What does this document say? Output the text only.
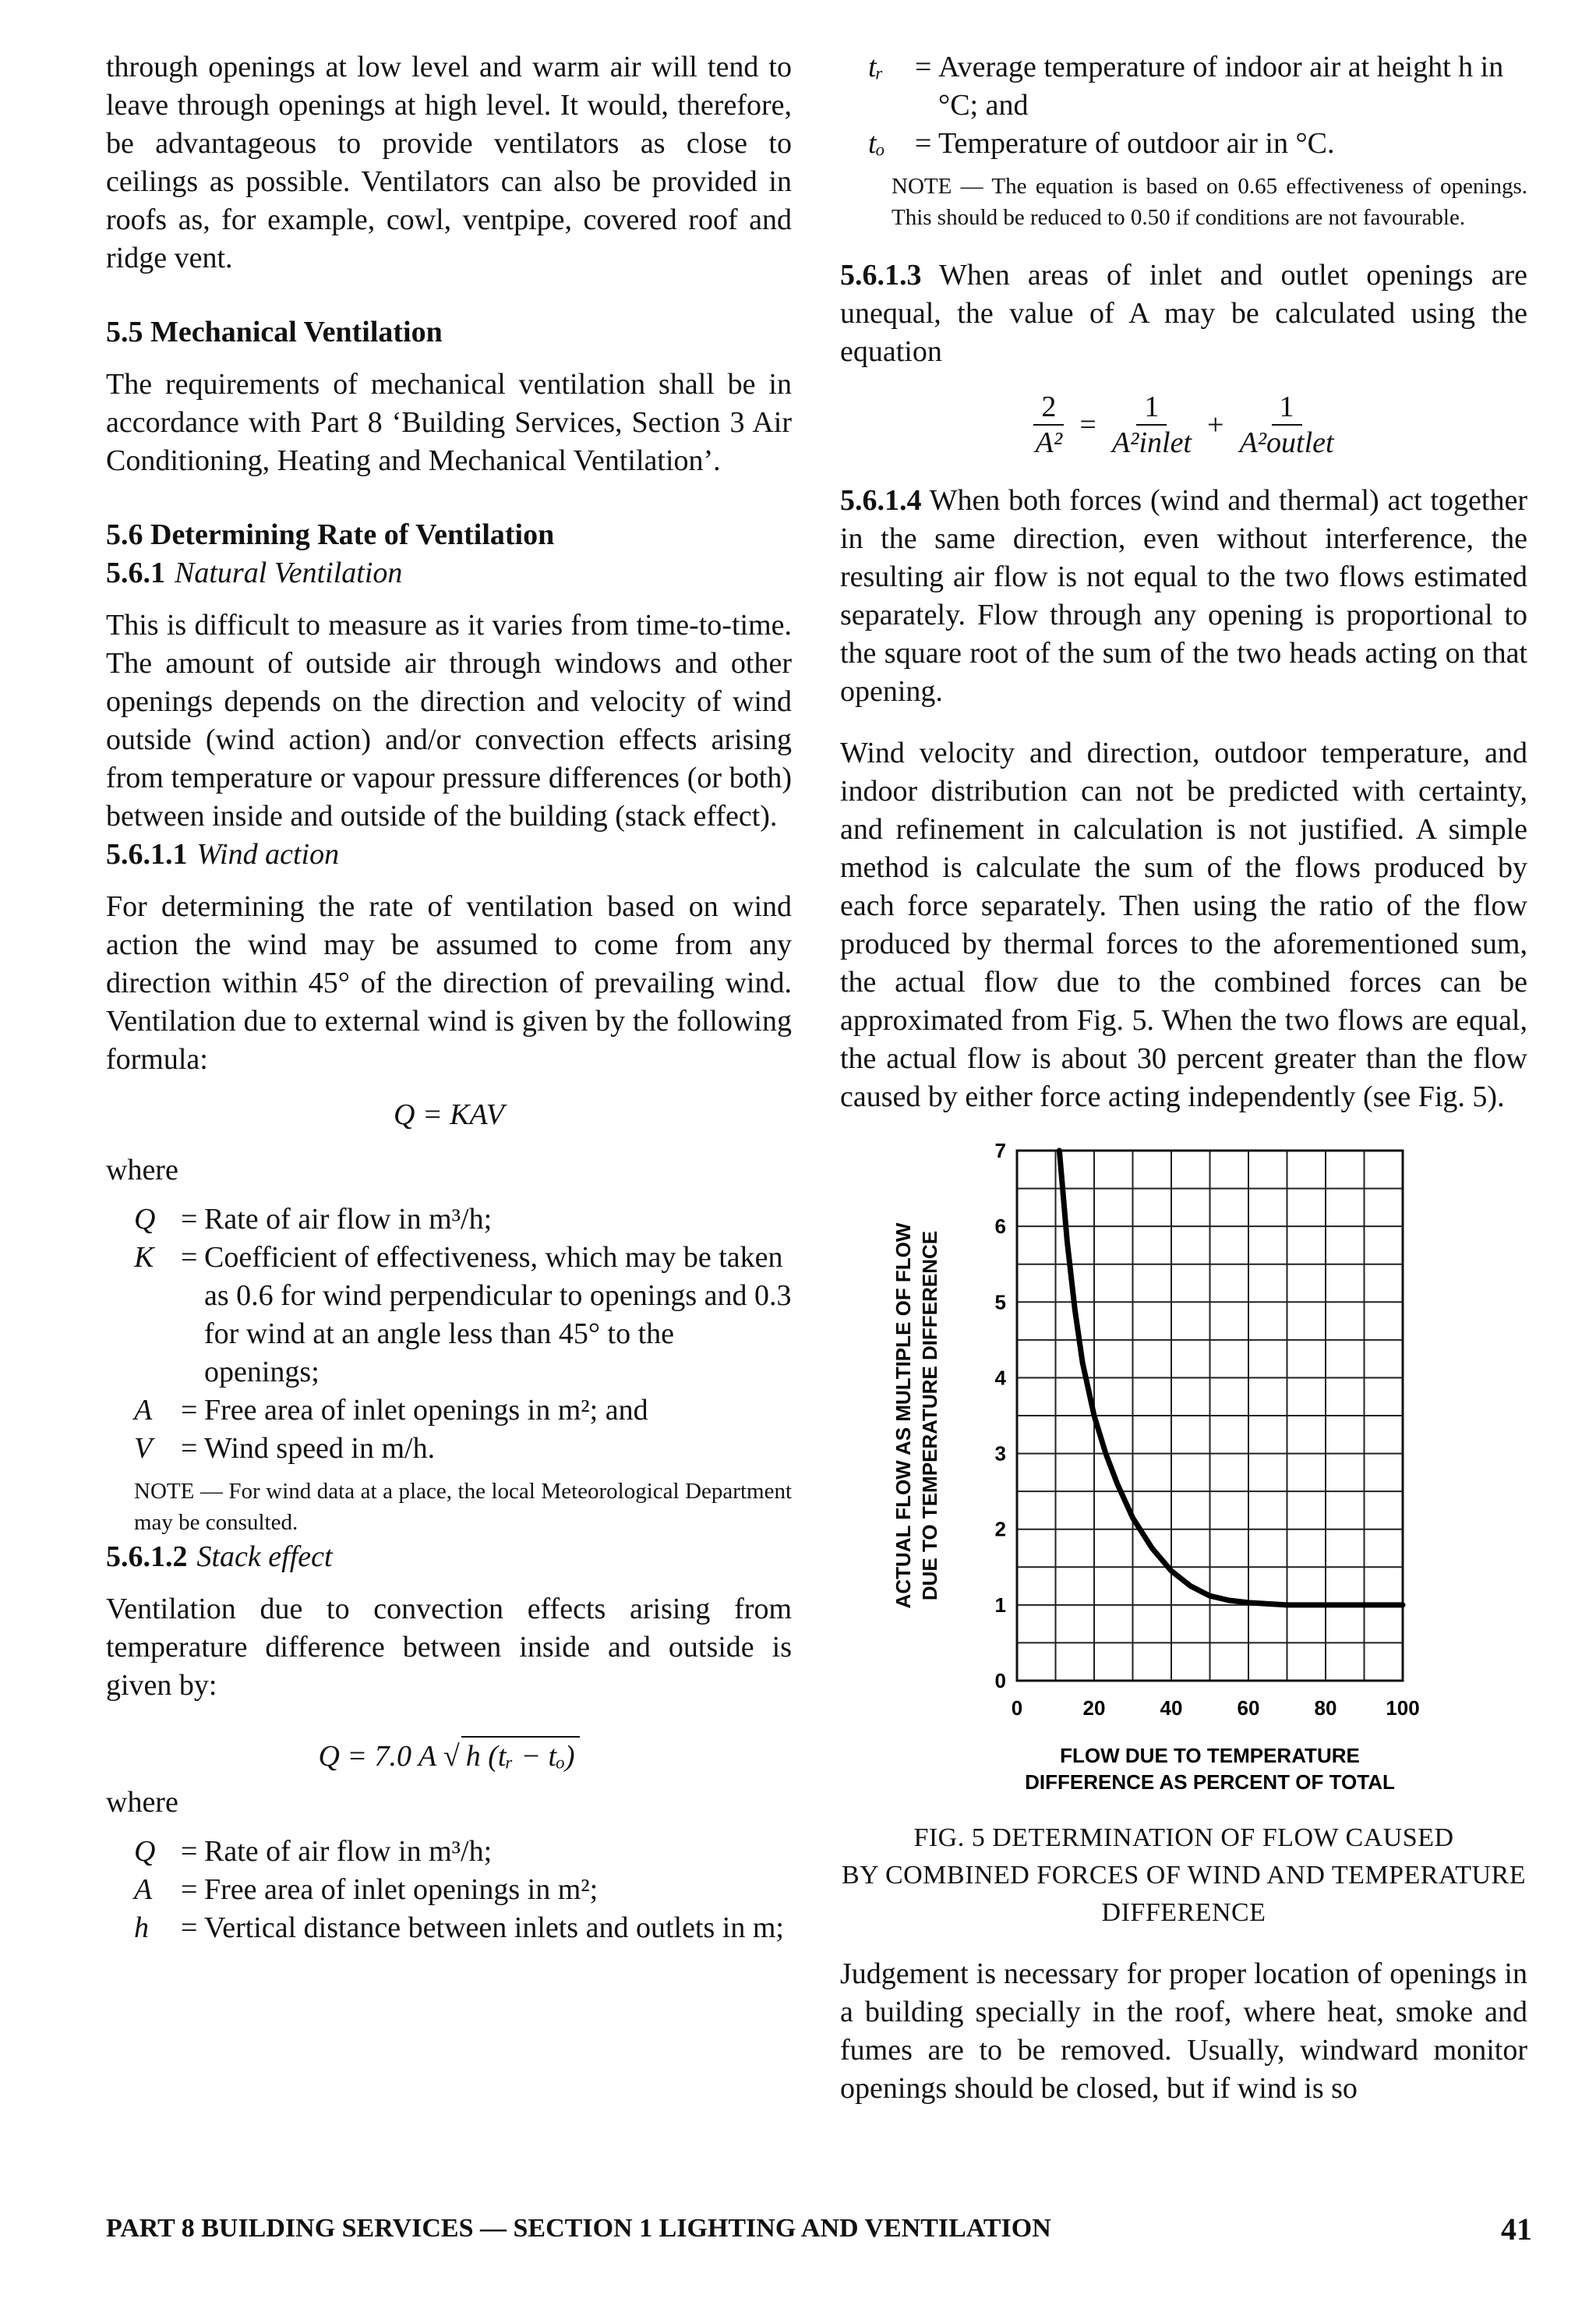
through openings at low level and warm air will tend to leave through openings at high level. It would, therefore, be advantageous to provide ventilators as close to ceilings as possible. Ventilators can also be provided in roofs as, for example, cowl, ventpipe, covered roof and ridge vent.

5.5 Mechanical Ventilation

The requirements of mechanical ventilation shall be in accordance with Part 8 ‘Building Services, Section 3 Air Conditioning, Heating and Mechanical Ventilation’.

5.6 Determining Rate of Ventilation
5.6.1 Natural Ventilation

This is difficult to measure as it varies from time-to-time. The amount of outside air through windows and other openings depends on the direction and velocity of wind outside (wind action) and/or convection effects arising from temperature or vapour pressure differences (or both) between inside and outside of the building (stack effect).

5.6.1.1 Wind action

For determining the rate of ventilation based on wind action the wind may be assumed to come from any direction within 45° of the direction of prevailing wind. Ventilation due to external wind is given by the following formula:

Q = KAV
where
Q	=	Rate of air flow in m³/h;
K	=	Coefficient of effectiveness, which may be taken as 0.6 for wind perpendicular to openings and 0.3 for wind at an angle less than 45° to the openings;
A	=	Free area of inlet openings in m²; and
V	=	Wind speed in m/h.

NOTE — For wind data at a place, the local Meteorological Department may be consulted.

5.6.1.2 Stack effect

Ventilation due to convection effects arising from temperature difference between inside and outside is given by:

Q = 7.0 A √ h (tᵣ − tₒ)
where
Q	=	Rate of air flow in m³/h;
A	=	Free area of inlet openings in m²;
h	=	Vertical distance between inlets and outlets in m;
tᵣ	=	Average temperature of indoor air at height h in °C; and
tₒ	=	Temperature of outdoor air in °C.

NOTE — The equation is based on 0.65 effectiveness of openings. This should be reduced to 0.50 if conditions are not favourable.

5.6.1.3 When areas of inlet and outlet openings are unequal, the value of A may be calculated using the equation

$\frac{2}{\text{A²}} = \frac{1}{\text{A²inlet}} + \frac{1}{\text{A²outlet}}$

5.6.1.4 When both forces (wind and thermal) act together in the same direction, even without interference, the resulting air flow is not equal to the two flows estimated separately. Flow through any opening is proportional to the square root of the sum of the two heads acting on that opening.

Wind velocity and direction, outdoor temperature, and indoor distribution can not be predicted with certainty, and refinement in calculation is not justified. A simple method is calculate the sum of the flows produced by each force separately. Then using the ratio of the flow produced by thermal forces to the aforementioned sum, the actual flow due to the combined forces can be approximated from Fig. 5. When the two flows are equal, the actual flow is about 30 percent greater than the flow caused by either force acting independently (see Fig. 5).

0	20	40	60	80 100
0
1
2
3
4
5
6
7
FLOW DUE TO TEMPERATURE
DIFFERENCE AS PERCENT OF TOTAL
ACTUAL FLOW AS MULTIPLE OF FLOW DUE TO TEMPERATURE DIFFERENCE
FIG. 5 DETERMINATION OF FLOW CAUSED
BY COMBINED FORCES OF WIND AND TEMPERATURE
DIFFERENCE

Judgement is necessary for proper location of openings in a building specially in the roof, where heat, smoke and fumes are to be removed. Usually, windward monitor openings should be closed, but if wind is so

PART 8 BUILDING SERVICES — SECTION 1 LIGHTING AND VENTILATION	41
